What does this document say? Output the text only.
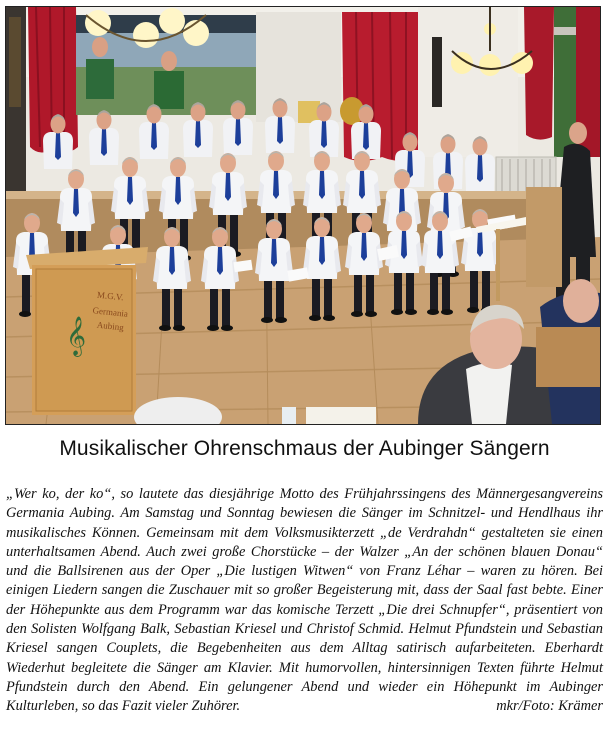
𝄞
M.G.V.
Germania
Aubing
Musikalischer Ohrenschmaus der Aubinger Sängern

„Wer ko, der ko“, so lautete das diesjährige Motto des Frühjahrssingens des Männergesangvereins Germania Aubing. Am Samstag und Sonntag bewiesen die Sänger im Schnitzel- und Hendlhaus ihr musikalisches Können. Gemeinsam mit dem Volksmusikterzett „de Verdrahdn“ gestalteten sie einen unterhaltsamen Abend. Auch zwei große Chorstücke – der Walzer „An der schönen blauen Donau“ und die Ballsirenen aus der Oper „Die lustigen Witwen“ von Franz Léhar – waren zu hören. Bei einigen Liedern sangen die Zuschauer mit so großer Begeisterung mit, dass der Saal fast bebte. Einer der Höhepunkte aus dem Programm war das komische Terzett „Die drei Schnupfer“, präsentiert von den Solisten Wolfgang Balk, Sebastian Kriesel und Christof Schmid. Helmut Pfundstein und Sebastian Kriesel sangen Couplets, die Begebenheiten aus dem Alltag satirisch aufarbeiteten. Eberhardt Wiederhut begleitete die Sänger am Klavier. Mit humorvollen, hintersinnigen Texten führte Helmut Pfundstein durch den Abend. Ein gelungener Abend und wieder ein Höhepunkt im Aubinger Kulturleben, so das Fazit vieler Zuhörer.	mkr/Foto: Krämer
